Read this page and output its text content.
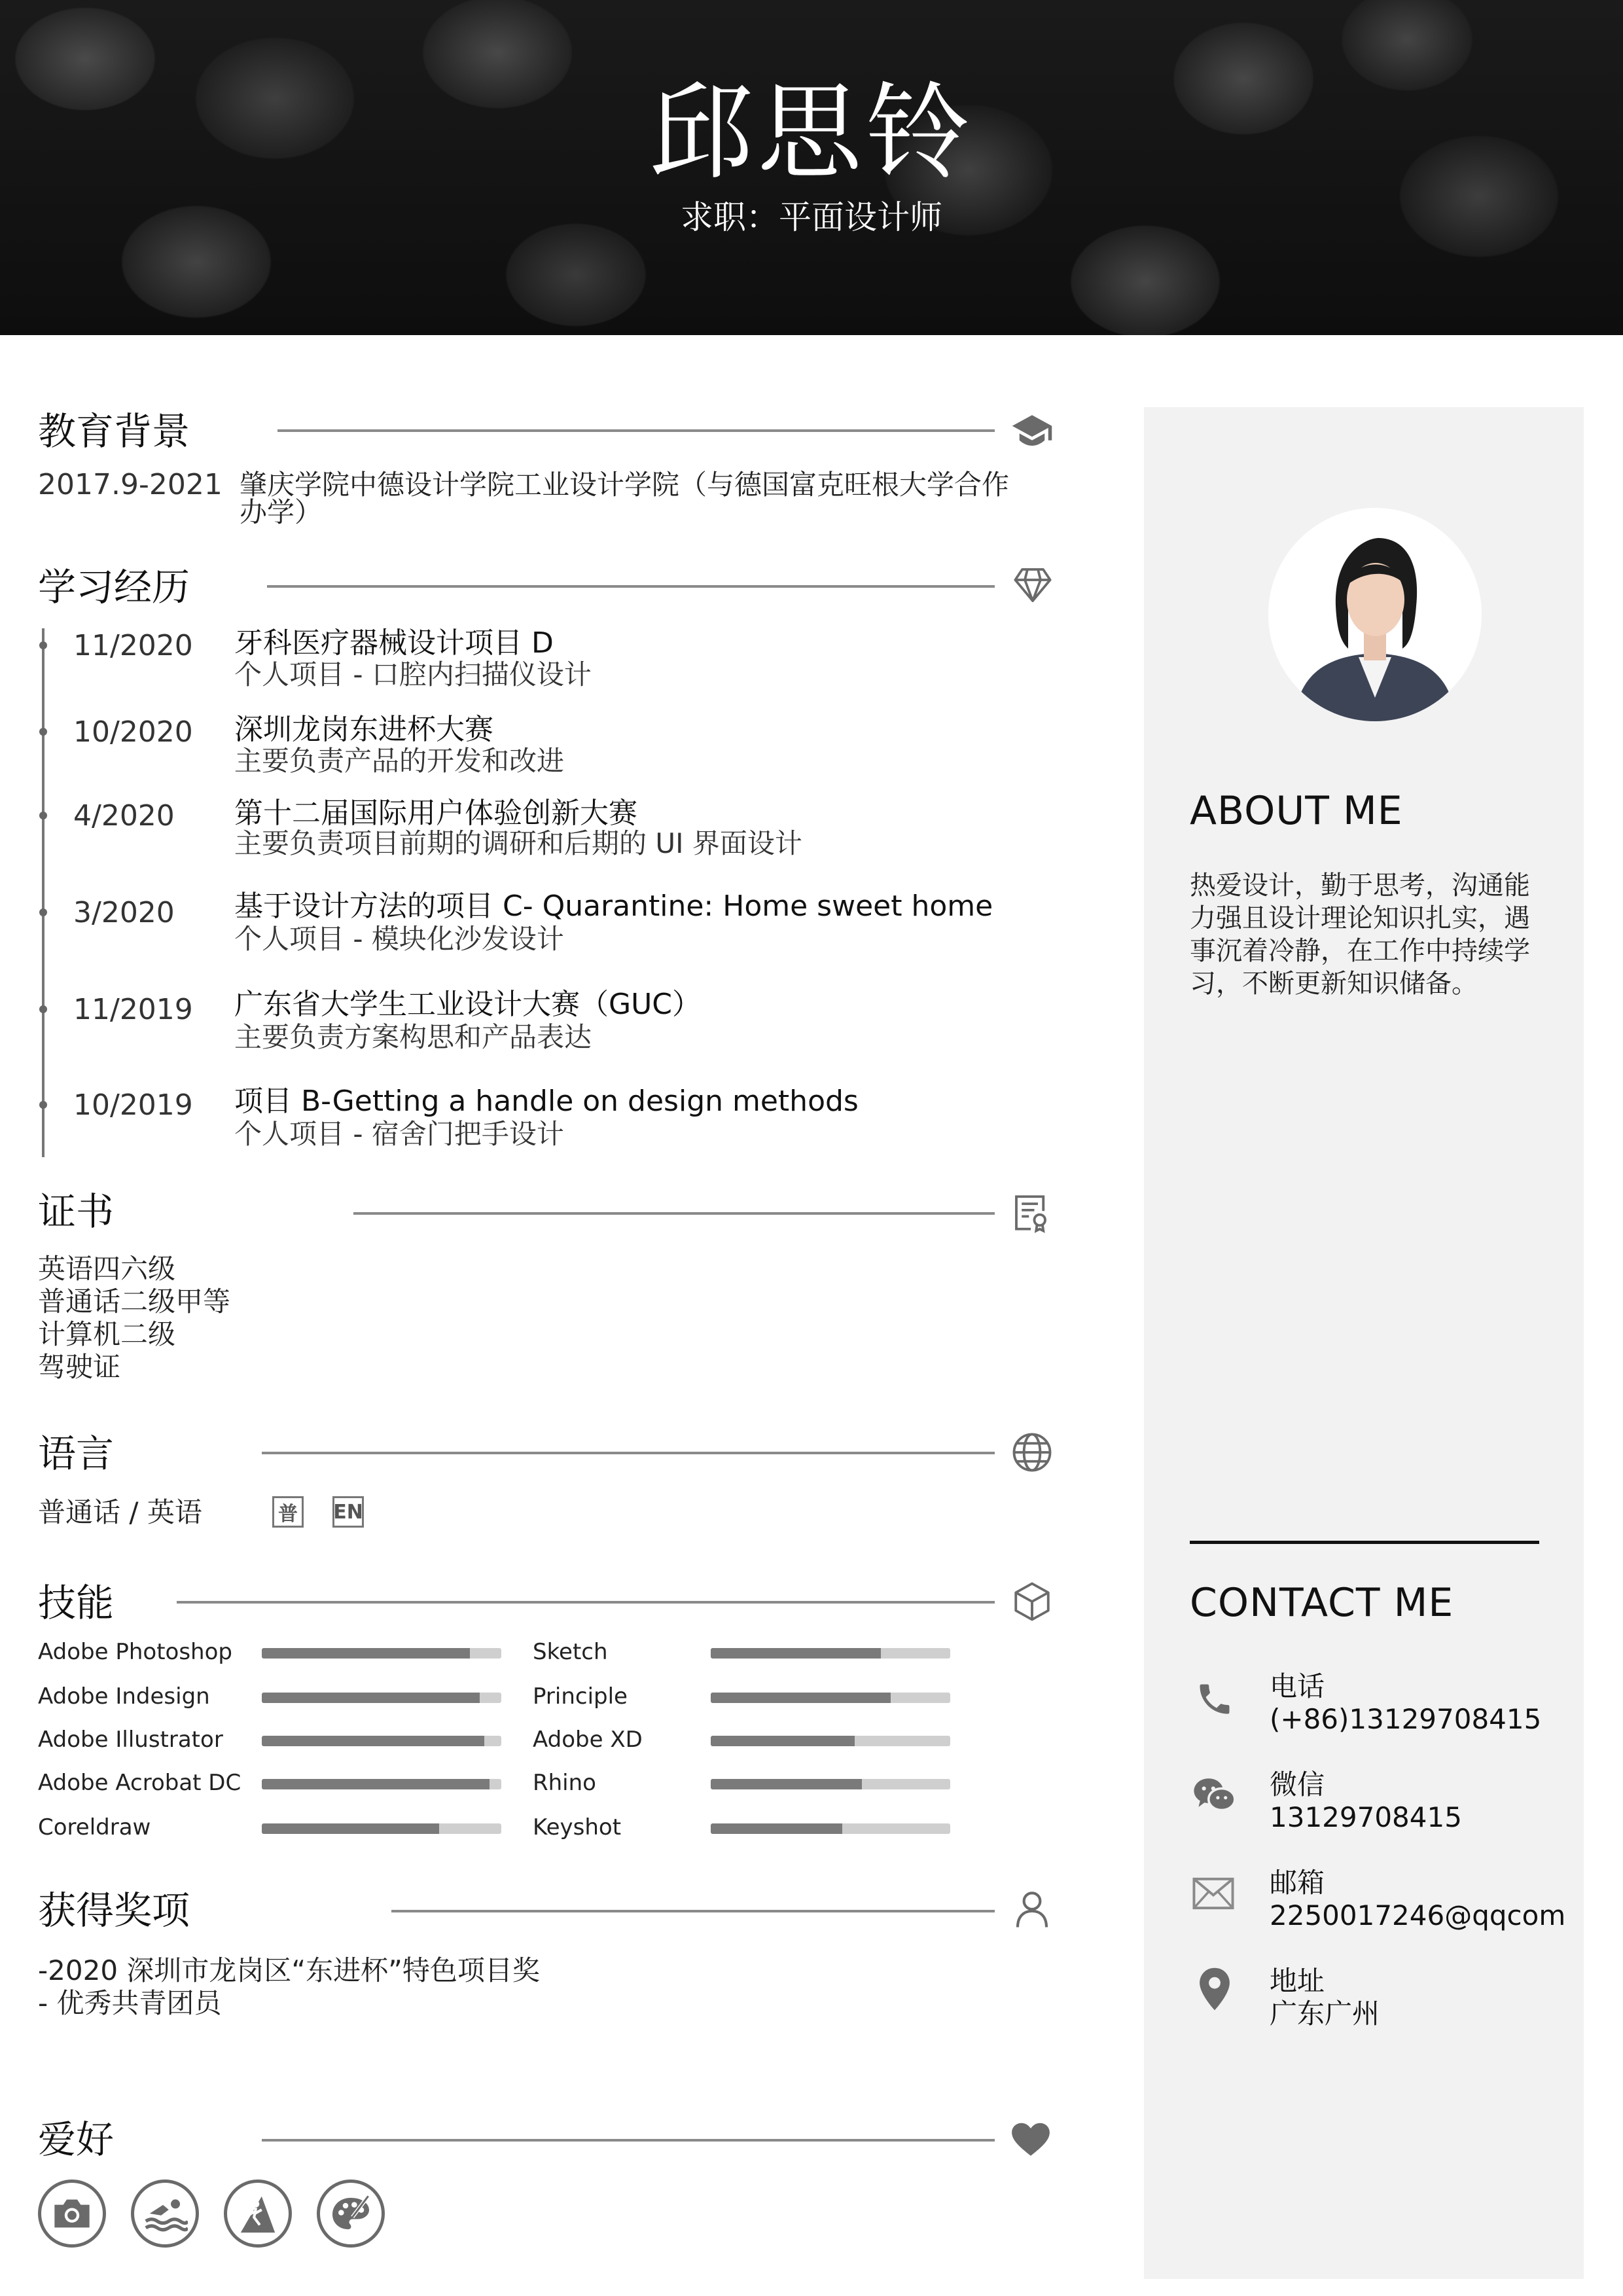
邱思铃
求职：平面设计师
ABOUT ME
热爱设计，勤于思考，沟通能
力强且设计理论知识扎实，遇
事沉着冷静，在工作中持续学
习，不断更新知识储备。
CONTACT ME
电话
(+86)13129708415
微信
13129708415
邮箱
2250017246@qqcom
地址
广东广州
教育背景
2017.9-2021 肇庆学院中德设计学院工业设计学院（与德国富克旺根大学合作
办学）
学习经历
11/2020 牙科医疗器械设计项目 D
个人项目 - 口腔内扫描仪设计
10/2020 深圳龙岗东进杯大赛
主要负责产品的开发和改进
4/2020 第十二届国际用户体验创新大赛
主要负责项目前期的调研和后期的 UI 界面设计
3/2020 基于设计方法的项目 C- Quarantine: Home sweet home
个人项目 - 模块化沙发设计
11/2019 广东省大学生工业设计大赛（GUC）
主要负责方案构思和产品表达
10/2019 项目 B-Getting a handle on design methods
个人项目 - 宿舍门把手设计
证书
英语四六级
普通话二级甲等
计算机二级
驾驶证
语言
普通话 / 英语	普	EN
技能
Adobe Photoshop
Adobe Indesign
Adobe Illustrator
Adobe Acrobat DC
Coreldraw
Sketch
Principle
Adobe XD
Rhino
Keyshot
获得奖项
-2020 深圳市龙岗区“东进杯”特色项目奖
- 优秀共青团员
爱好
